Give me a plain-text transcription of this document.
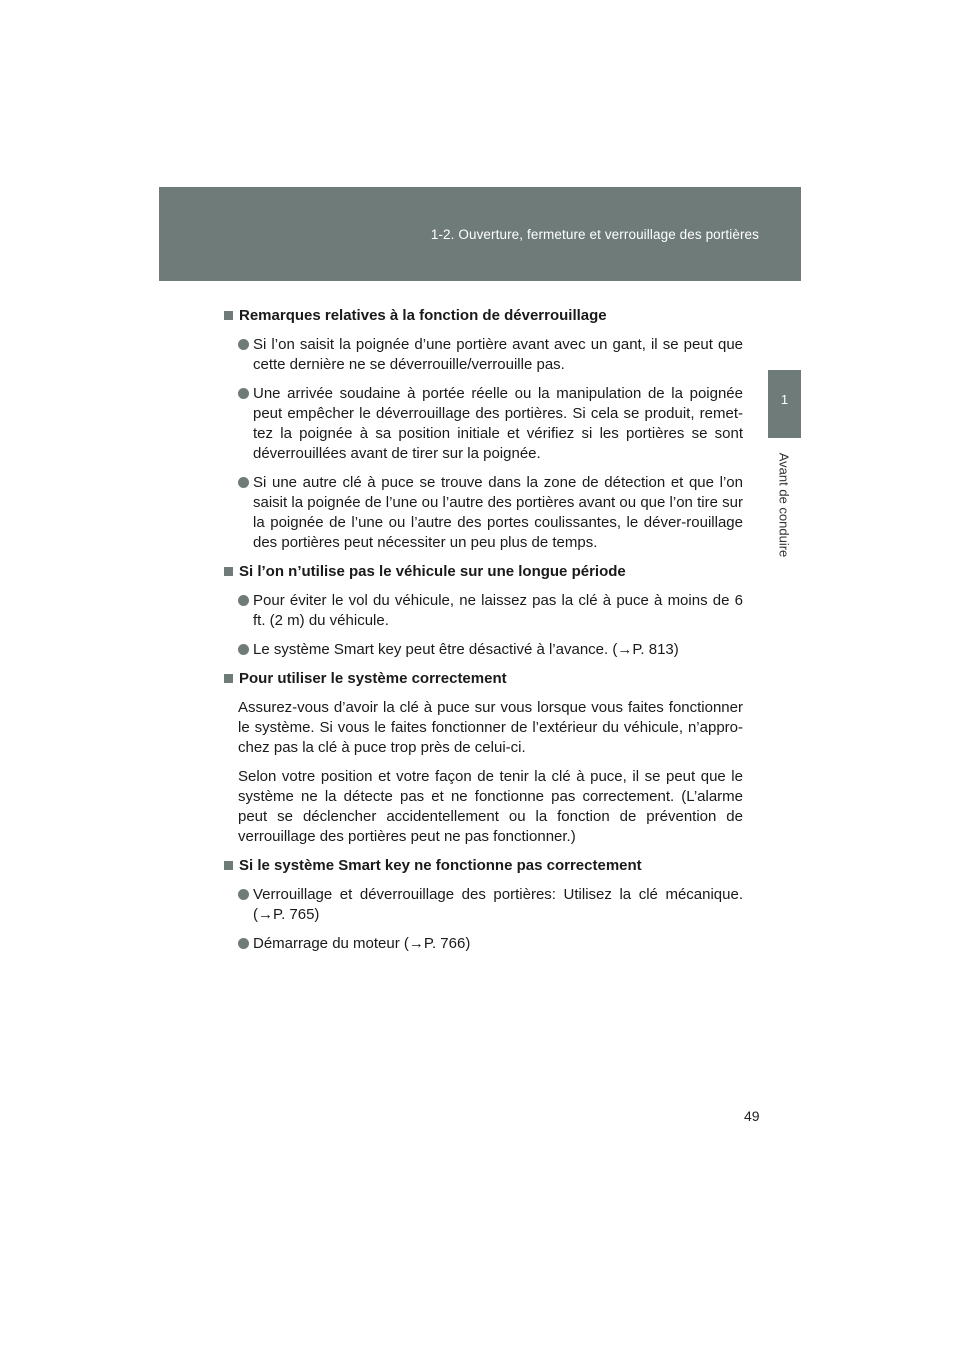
1-2. Ouverture, fermeture et verrouillage des portières
1
Avant de conduire
Remarques relatives à la fonction de déverrouillage
Si l’on saisit la poignée d’une portière avant avec un gant, il se peut que cette dernière ne se déverrouille/verrouille pas.
Une arrivée soudaine à portée réelle ou la manipulation de la poignée peut empêcher le déverrouillage des portières. Si cela se produit, remet-tez la poignée à sa position initiale et vérifiez si les portières se sont déverrouillées avant de tirer sur la poignée.
Si une autre clé à puce se trouve dans la zone de détection et que l’on saisit la poignée de l’une ou l’autre des portières avant ou que l’on tire sur la poignée de l’une ou l’autre des portes coulissantes, le déver-rouillage des portières peut nécessiter un peu plus de temps.
Si l’on n’utilise pas le véhicule sur une longue période
Pour éviter le vol du véhicule, ne laissez pas la clé à puce à moins de 6 ft. (2 m) du véhicule.
Le système Smart key peut être désactivé à l’avance. (→P. 813)
Pour utiliser le système correctement

Assurez-vous d’avoir la clé à puce sur vous lorsque vous faites fonctionner le système. Si vous le faites fonctionner de l’extérieur du véhicule, n’appro-chez pas la clé à puce trop près de celui-ci.

Selon votre position et votre façon de tenir la clé à puce, il se peut que le système ne la détecte pas et ne fonctionne pas correctement. (L’alarme peut se déclencher accidentellement ou la fonction de prévention de verrouillage des portières peut ne pas fonctionner.)

Si le système Smart key ne fonctionne pas correctement
Verrouillage et déverrouillage des portières: Utilisez la clé mécanique. (→P. 765)
Démarrage du moteur (→P. 766)
49
